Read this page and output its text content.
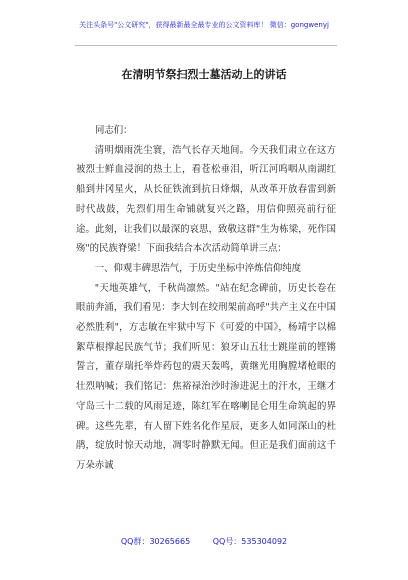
关注头条号"公文研究"，获得最新最全最专业的公文资料库！ 微信：gongwenyj
在清明节祭扫烈士墓活动上的讲话

同志们：

清明烟雨洗尘寰，浩气长存天地间。今天我们肃立在这方被烈士鲜血浸润的热土上，看苍松垂泪，听江河呜咽从南湖红船到井冈星火，从长征铁流到抗日烽烟，从改革开放春雷到新时代战鼓，先烈们用生命铺就复兴之路，用信仰照亮前行征途。此刻，让我们以最深的哀思，致敬这群"生为栋梁，死作国殇"的民族脊梁！下面我结合本次活动简单讲三点：

一、仰观丰碑思浩气，于历史坐标中淬炼信仰纯度

"天地英雄气，千秋尚凛然。"站在纪念碑前，历史长卷在眼前奔涌，我们看见：李大钊在绞刑架前高呼"共产主义在中国必然胜利"，方志敏在牢狱中写下《可爱的中国》，杨靖宇以棉絮草根撑起民族气节；我们听见：狼牙山五壮士跳崖前的铿锵誓言，董存瑞托举炸药包的震天轰鸣，黄继光用胸膛堵枪眼的壮烈呐喊；我们铭记：焦裕禄治沙时渗进泥土的汗水，王继才守岛三十二载的风雨足迹，陈红军在喀喇昆仑用生命筑起的界碑。这些先辈，有人留下姓名化作星辰，更多人如同深山的杜鹃，绽放时惊天动地，凋零时静默无闻。但正是我们面前这千万朵赤诚

QQ群：30265665	QQ号：535304092
